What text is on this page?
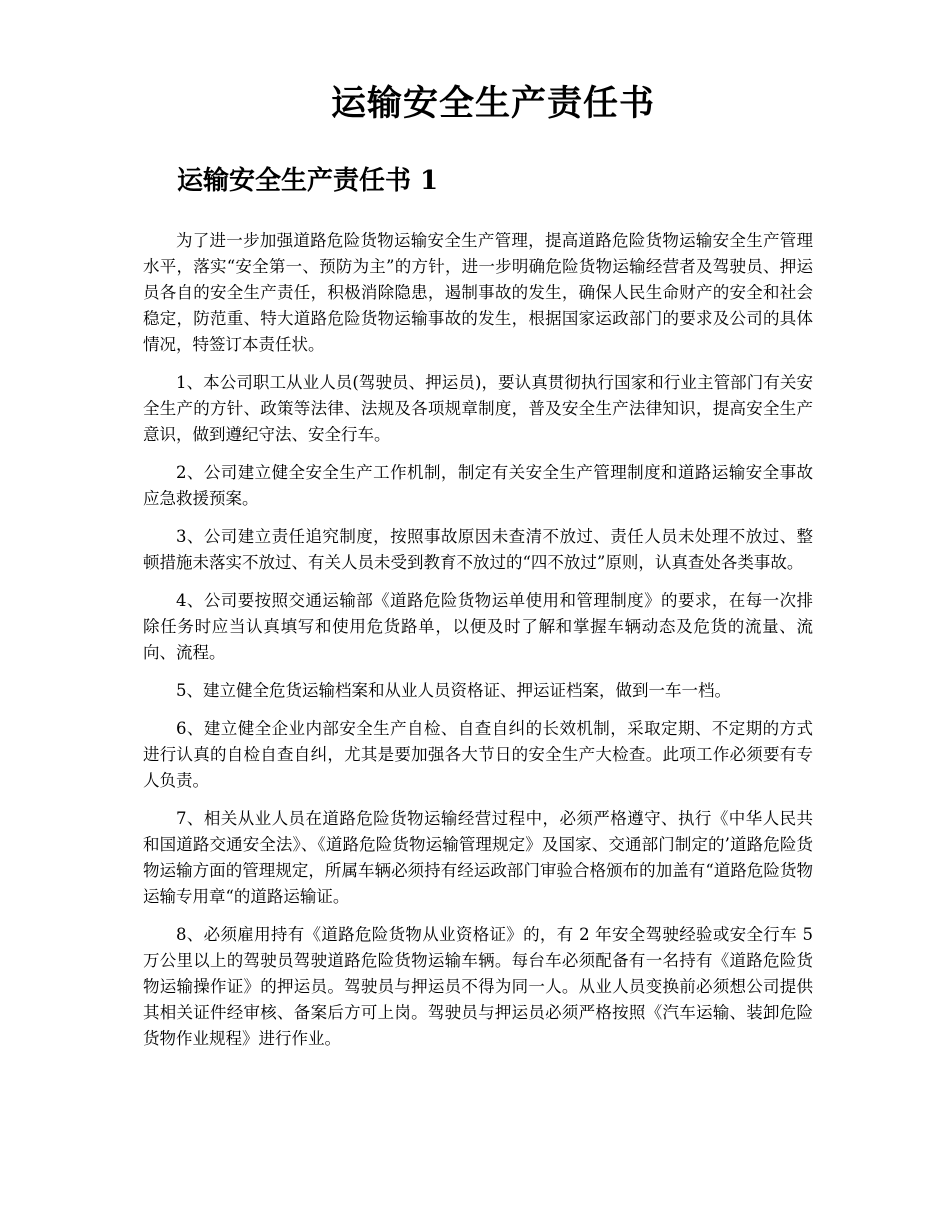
运输安全生产责任书
运输安全生产责任书 1

为了进一步加强道路危险货物运输安全生产管理，提高道路危险货物运输安全生产管理水平，落实“安全第一、预防为主”的方针，进一步明确危险货物运输经营者及驾驶员、押运员各自的安全生产责任，积极消除隐患，遏制事故的发生，确保人民生命财产的安全和社会稳定，防范重、特大道路危险货物运输事故的发生，根据国家运政部门的要求及公司的具体情况，特签订本责任状。

1、本公司职工从业人员(驾驶员、押运员)，要认真贯彻执行国家和行业主管部门有关安全生产的方针、政策等法律、法规及各项规章制度，普及安全生产法律知识，提高安全生产意识，做到遵纪守法、安全行车。

2、公司建立健全安全生产工作机制，制定有关安全生产管理制度和道路运输安全事故应急救援预案。

3、公司建立责任追究制度，按照事故原因未查清不放过、责任人员未处理不放过、整顿措施未落实不放过、有关人员未受到教育不放过的“四不放过”原则，认真查处各类事故。

4、公司要按照交通运输部《道路危险货物运单使用和管理制度》的要求，在每一次排除任务时应当认真填写和使用危货路单，以便及时了解和掌握车辆动态及危货的流量、流向、流程。

5、建立健全危货运输档案和从业人员资格证、押运证档案，做到一车一档。

6、建立健全企业内部安全生产自检、自查自纠的长效机制，采取定期、不定期的方式进行认真的自检自查自纠，尤其是要加强各大节日的安全生产大检查。此项工作必须要有专人负责。

7、相关从业人员在道路危险货物运输经营过程中，必须严格遵守、执行《中华人民共和国道路交通安全法》、《道路危险货物运输管理规定》及国家、交通部门制定的’道路危险货物运输方面的管理规定，所属车辆必须持有经运政部门审验合格颁布的加盖有“道路危险货物运输专用章“的道路运输证。

8、必须雇用持有《道路危险货物从业资格证》的，有 2 年安全驾驶经验或安全行车 5 万公里以上的驾驶员驾驶道路危险货物运输车辆。每台车必须配备有一名持有《道路危险货物运输操作证》的押运员。驾驶员与押运员不得为同一人。从业人员变换前必须想公司提供其相关证件经审核、备案后方可上岗。驾驶员与押运员必须严格按照《汽车运输、装卸危险货物作业规程》进行作业。
